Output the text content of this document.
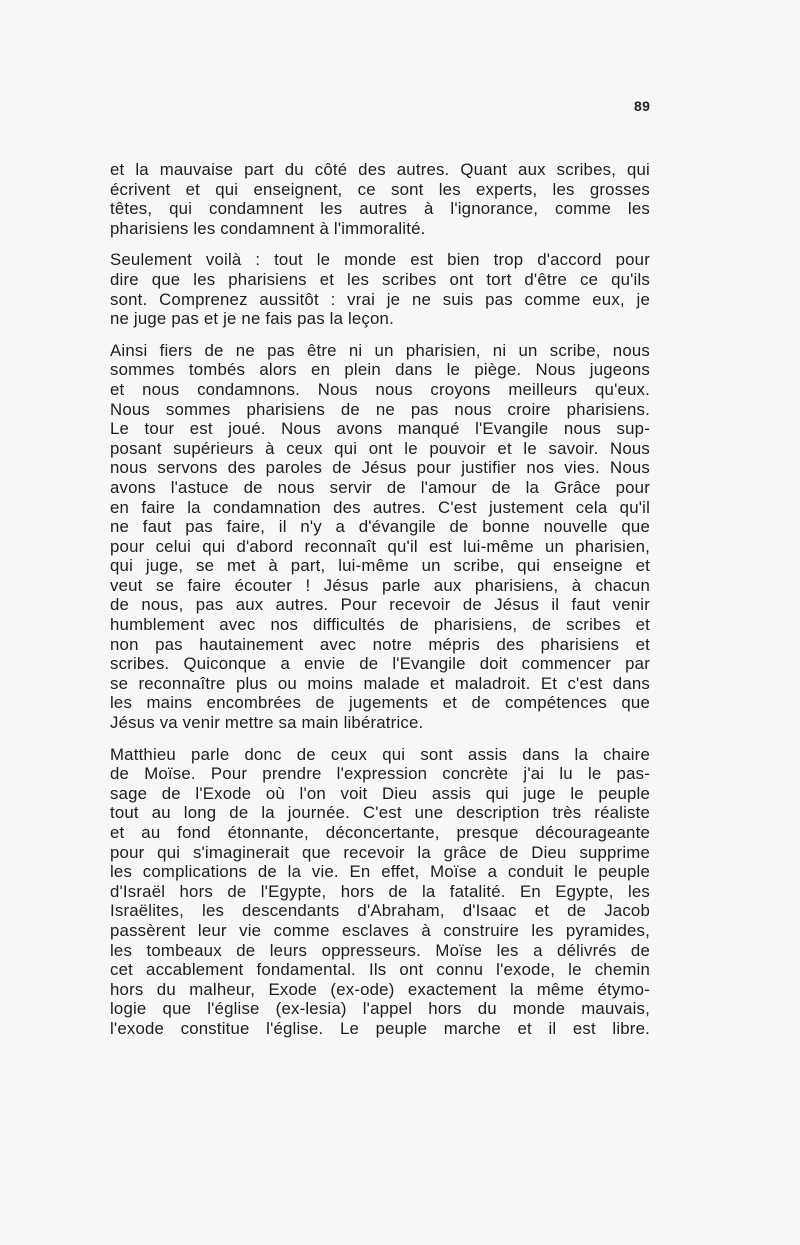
89
et la mauvaise part du côté des autres. Quant aux scribes, qui
écrivent et qui enseignent, ce sont les experts, les grosses
têtes, qui condamnent les autres à l'ignorance, comme les
pharisiens les condamnent à l'immoralité.
Seulement voilà : tout le monde est bien trop d'accord pour
dire que les pharisiens et les scribes ont tort d'être ce qu'ils
sont. Comprenez aussitôt : vrai je ne suis pas comme eux, je
ne juge pas et je ne fais pas la leçon.
Ainsi fiers de ne pas être ni un pharisien, ni un scribe, nous
sommes tombés alors en plein dans le piège. Nous jugeons
et nous condamnons. Nous nous croyons meilleurs qu'eux.
Nous sommes pharisiens de ne pas nous croire pharisiens.
Le tour est joué. Nous avons manqué l'Evangile nous sup-
posant supérieurs à ceux qui ont le pouvoir et le savoir. Nous
nous servons des paroles de Jésus pour justifier nos vies. Nous
avons l'astuce de nous servir de l'amour de la Grâce pour
en faire la condamnation des autres. C'est justement cela qu'il
ne faut pas faire, il n'y a d'évangile de bonne nouvelle que
pour celui qui d'abord reconnaît qu'il est lui-même un pharisien,
qui juge, se met à part, lui-même un scribe, qui enseigne et
veut se faire écouter ! Jésus parle aux pharisiens, à chacun
de nous, pas aux autres. Pour recevoir de Jésus il faut venir
humblement avec nos difficultés de pharisiens, de scribes et
non pas hautainement avec notre mépris des pharisiens et
scribes. Quiconque a envie de l'Evangile doit commencer par
se reconnaître plus ou moins malade et maladroit. Et c'est dans
les mains encombrées de jugements et de compétences que
Jésus va venir mettre sa main libératrice.
Matthieu parle donc de ceux qui sont assis dans la chaire
de Moïse. Pour prendre l'expression concrète j'ai lu le pas-
sage de l'Exode où l'on voit Dieu assis qui juge le peuple
tout au long de la journée. C'est une description très réaliste
et au fond étonnante, déconcertante, presque décourageante
pour qui s'imaginerait que recevoir la grâce de Dieu supprime
les complications de la vie. En effet, Moïse a conduit le peuple
d'Israël hors de l'Egypte, hors de la fatalité. En Egypte, les
Israëlites, les descendants d'Abraham, d'Isaac et de Jacob
passèrent leur vie comme esclaves à construire les pyramides,
les tombeaux de leurs oppresseurs. Moïse les a délivrés de
cet accablement fondamental. Ils ont connu l'exode, le chemin
hors du malheur, Exode (ex-ode) exactement la même étymo-
logie que l'église (ex-lesia) l'appel hors du monde mauvais,
l'exode constitue l'église. Le peuple marche et il est libre.
